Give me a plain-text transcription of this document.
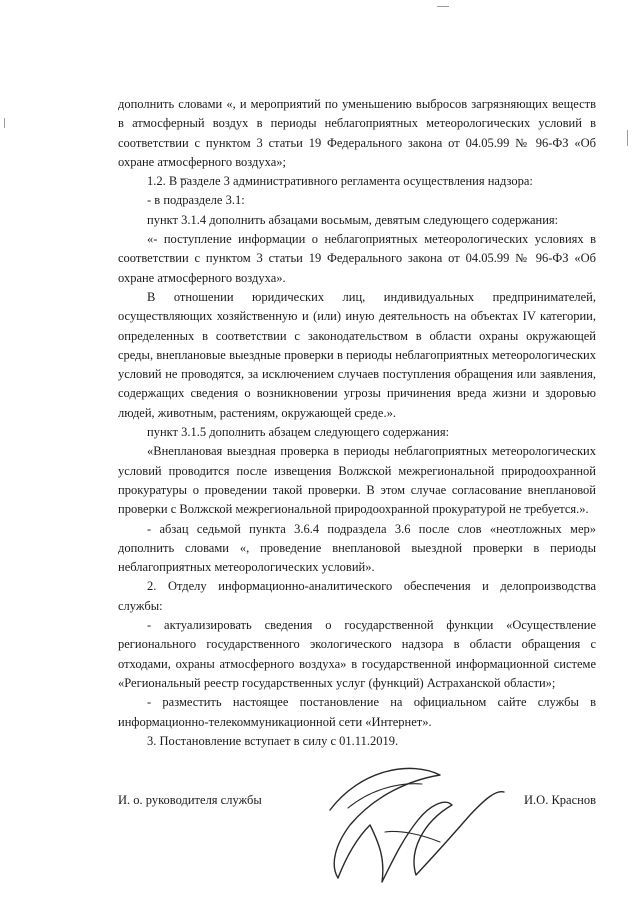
дополнить словами «, и мероприятий по уменьшению выбросов загрязняющих веществ в атмосферный воздух в периоды неблагоприятных метеорологических условий в соответствии с пунктом 3 статьи 19 Федерального закона от 04.05.99 № 96-ФЗ «Об охране атмосферного воздуха»;

1.2. В разделе 3 административного регламента осуществления надзора:

- в подразделе 3.1:

пункт 3.1.4 дополнить абзацами восьмым, девятым следующего содержания:

«- поступление информации о неблагоприятных метеорологических условиях в соответствии с пунктом 3 статьи 19 Федерального закона от 04.05.99 № 96-ФЗ «Об охране атмосферного воздуха».

В отношении юридических лиц, индивидуальных предпринимателей, осуществляющих хозяйственную и (или) иную деятельность на объектах IV категории, определенных в соответствии с законодательством в области охраны окружающей среды, внеплановые выездные проверки в периоды неблагоприятных метеорологических условий не проводятся, за исключением случаев поступления обращения или заявления, содержащих сведения о возникновении угрозы причинения вреда жизни и здоровью людей, животным, растениям, окружающей среде.».

пункт 3.1.5 дополнить абзацем следующего содержания:

«Внеплановая выездная проверка в периоды неблагоприятных метеорологических условий проводится после извещения Волжской межрегиональной природоохранной прокуратуры о проведении такой проверки. В этом случае согласование внеплановой проверки с Волжской межрегиональной природоохранной прокуратурой не требуется.».

- абзац седьмой пункта 3.6.4 подраздела 3.6 после слов «неотложных мер» дополнить словами «, проведение внеплановой выездной проверки в периоды неблагоприятных метеорологических условий».

2. Отделу информационно-аналитического обеспечения и делопроизводства службы:

- актуализировать сведения о государственной функции «Осуществление регионального государственного экологического надзора в области обращения с отходами, охраны атмосферного воздуха» в государственной информационной системе «Региональный реестр государственных услуг (функций) Астраханской области»;

- разместить настоящее постановление на официальном сайте службы в информационно-телекоммуникационной сети «Интернет».

3. Постановление вступает в силу с 01.11.2019.

И. о. руководителя службы	И.О. Краснов
